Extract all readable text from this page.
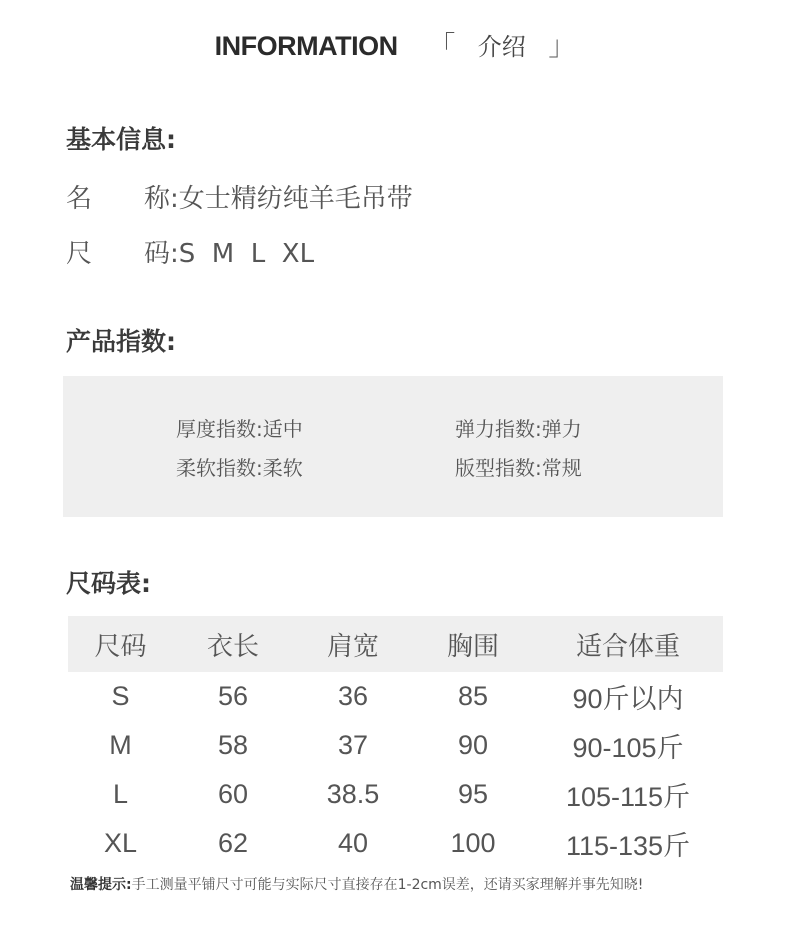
INFORMATION 「 介绍 」
基本信息:
名　　称:女士精纺纯羊毛吊带
尺　　码:S  M  L  XL
产品指数:
厚度指数:适中	弹力指数:弹力
柔软指数:柔软	版型指数:常规
尺码表:
尺码	衣长	肩宽	胸围	适合体重
S	56	36	85	90斤以内
M	58	37	90	90-105斤
L	60	38.5	95	105-115斤
XL	62	40	100	115-135斤
温馨提示:手工测量平铺尺寸可能与实际尺寸直接存在1-2cm误差，还请买家理解并事先知晓!
